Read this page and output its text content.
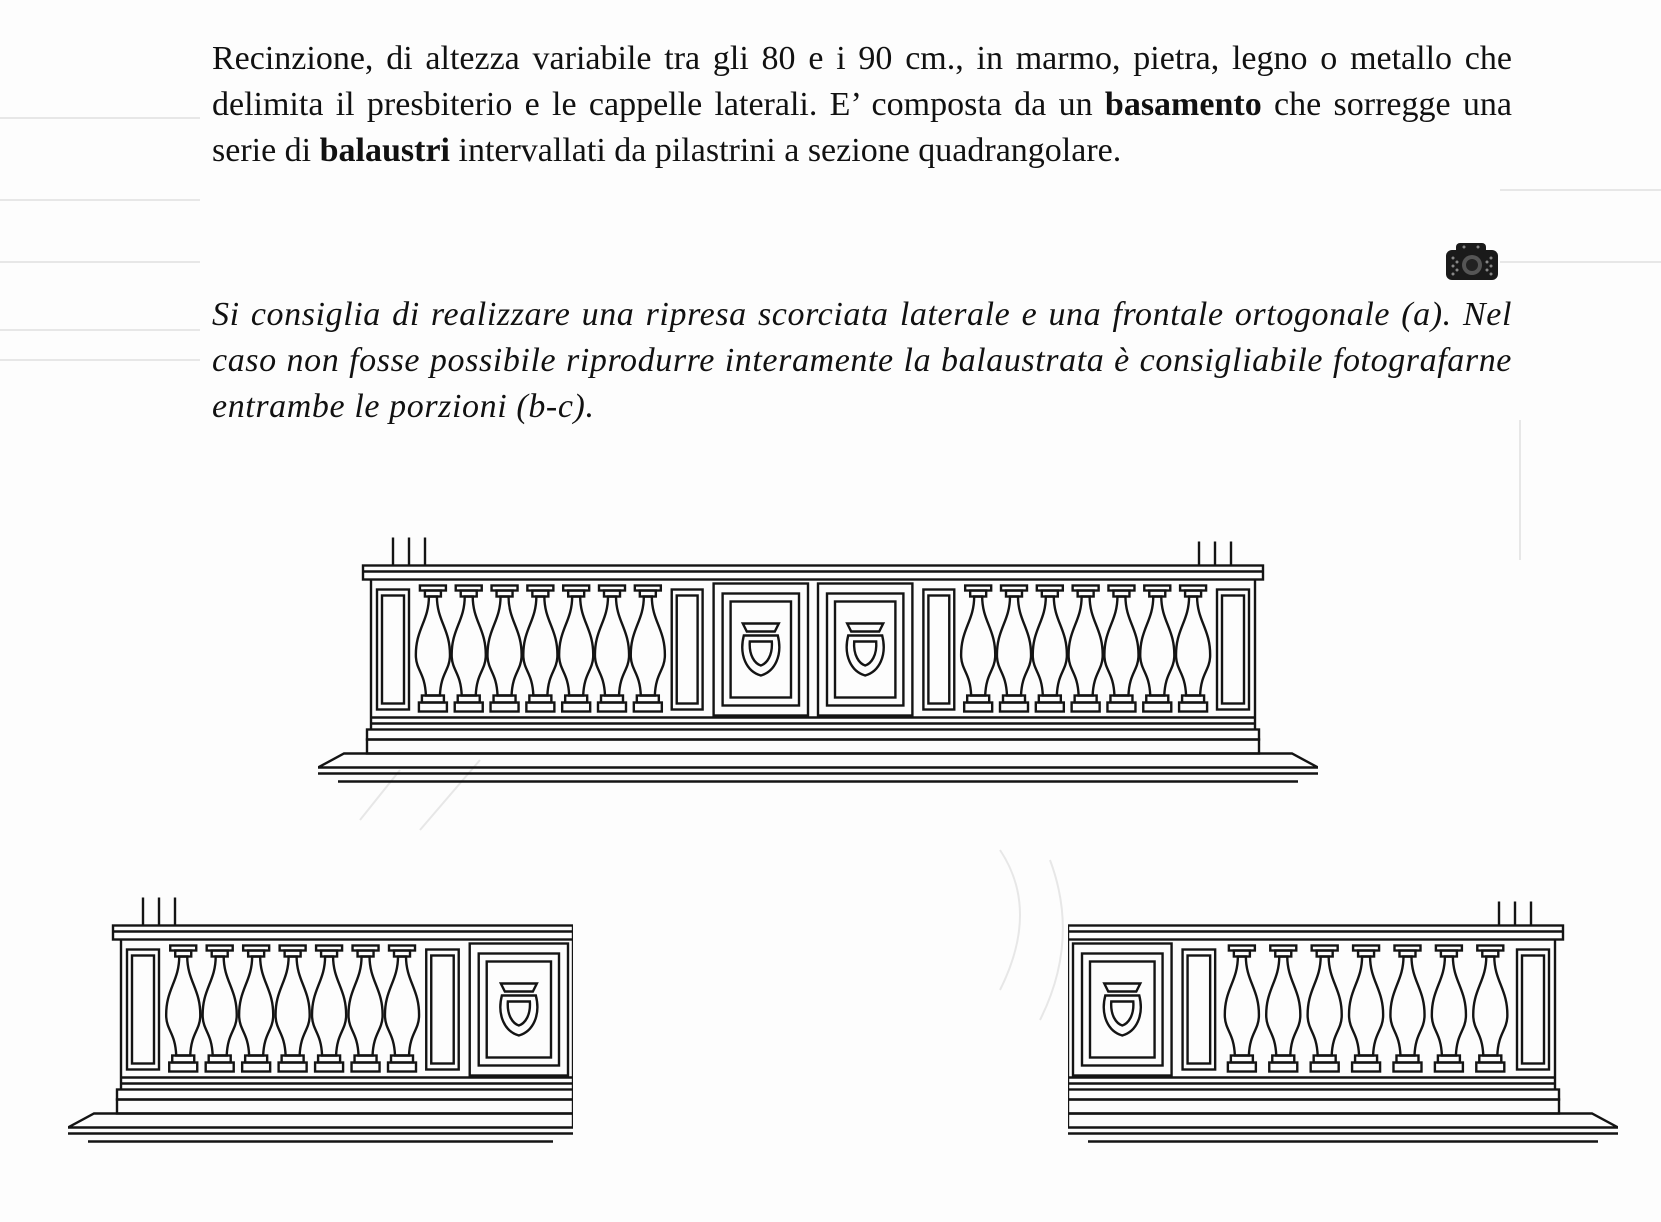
Recinzione, di altezza variabile tra gli 80 e i 90 cm., in marmo, pietra, legno o metallo che delimita il presbiterio e le cappelle laterali. E’ composta da un basamento che sorregge una serie di balaustri intervallati da pilastrini a sezione quadrangolare.

Si consiglia di realizzare una ripresa scorciata laterale e una frontale ortogonale (a). Nel caso non fosse possibile riprodurre interamente la balaustrata è consigliabile fotografarne entrambe le porzioni (b-c).
